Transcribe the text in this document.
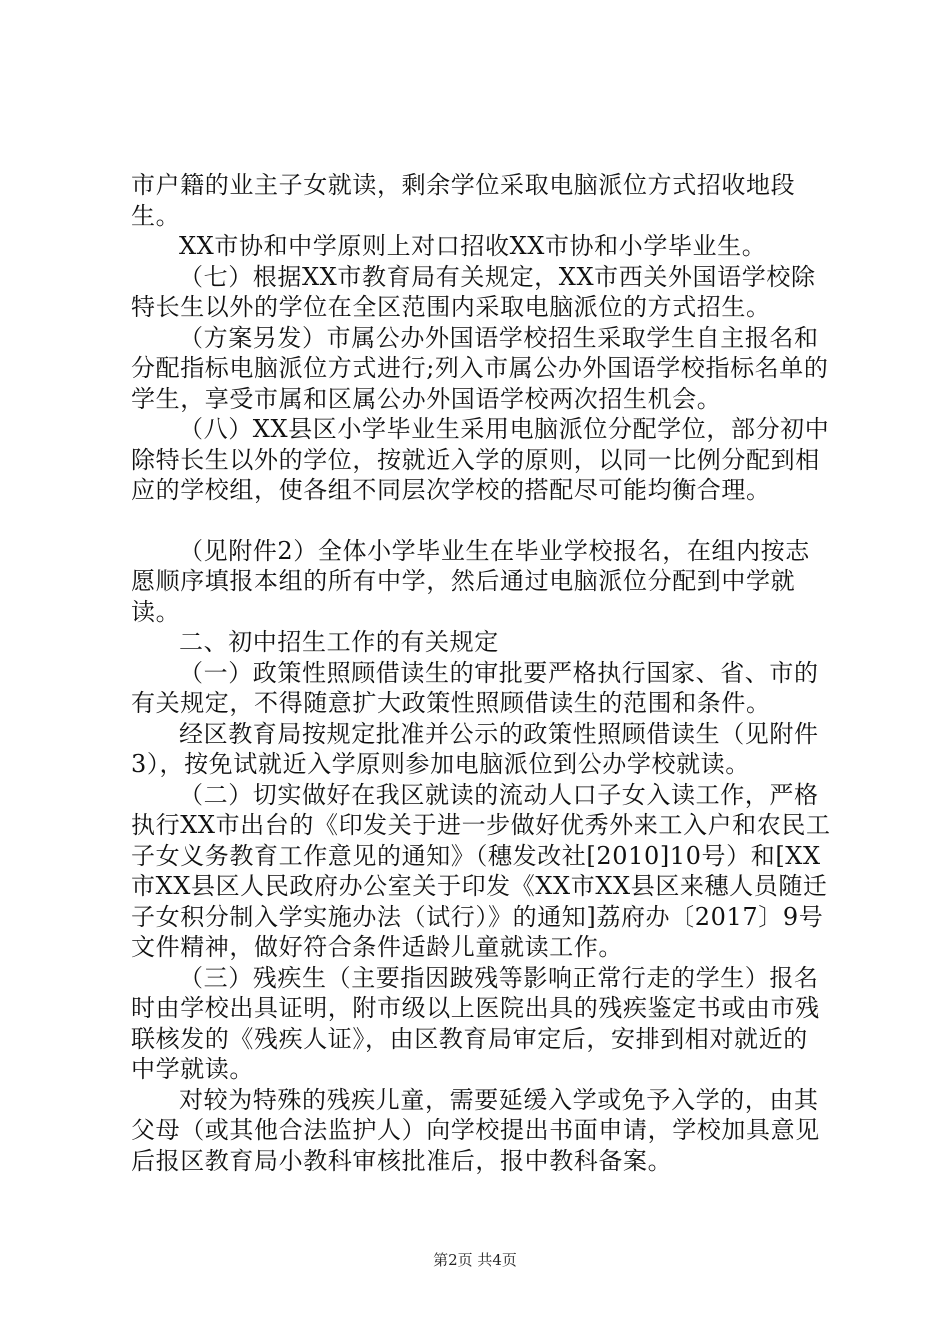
市户籍的业主子女就读，剩余学位采取电脑派位方式招收地段生。

XX市协和中学原则上对口招收XX市协和小学毕业生。

（七）根据XX市教育局有关规定，XX市西关外国语学校除特长生以外的学位在全区范围内采取电脑派位的方式招生。

（方案另发）市属公办外国语学校招生采取学生自主报名和分配指标电脑派位方式进行;列入市属公办外国语学校指标名单的学生，享受市属和区属公办外国语学校两次招生机会。

（八）XX县区小学毕业生采用电脑派位分配学位，部分初中除特长生以外的学位，按就近入学的原则，以同一比例分配到相应的学校组，使各组不同层次学校的搭配尽可能均衡合理。

（见附件2）全体小学毕业生在毕业学校报名，在组内按志愿顺序填报本组的所有中学，然后通过电脑派位分配到中学就读。

二、初中招生工作的有关规定

（一）政策性照顾借读生的审批要严格执行国家、省、市的有关规定，不得随意扩大政策性照顾借读生的范围和条件。

经区教育局按规定批准并公示的政策性照顾借读生（见附件3），按免试就近入学原则参加电脑派位到公办学校就读。

（二）切实做好在我区就读的流动人口子女入读工作，严格执行XX市出台的《印发关于进一步做好优秀外来工入户和农民工子女义务教育工作意见的通知》（穗发改社[2010]10号）和[XX市XX县区人民政府办公室关于印发《XX市XX县区来穗人员随迁子女积分制入学实施办法（试行）》的通知]荔府办〔2017〕9号文件精神，做好符合条件适龄儿童就读工作。

（三）残疾生（主要指因跛残等影响正常行走的学生）报名时由学校出具证明，附市级以上医院出具的残疾鉴定书或由市残联核发的《残疾人证》，由区教育局审定后，安排到相对就近的中学就读。

对较为特殊的残疾儿童，需要延缓入学或免予入学的，由其父母（或其他合法监护人）向学校提出书面申请，学校加具意见后报区教育局小教科审核批准后，报中教科备案。

第2页 共4页
